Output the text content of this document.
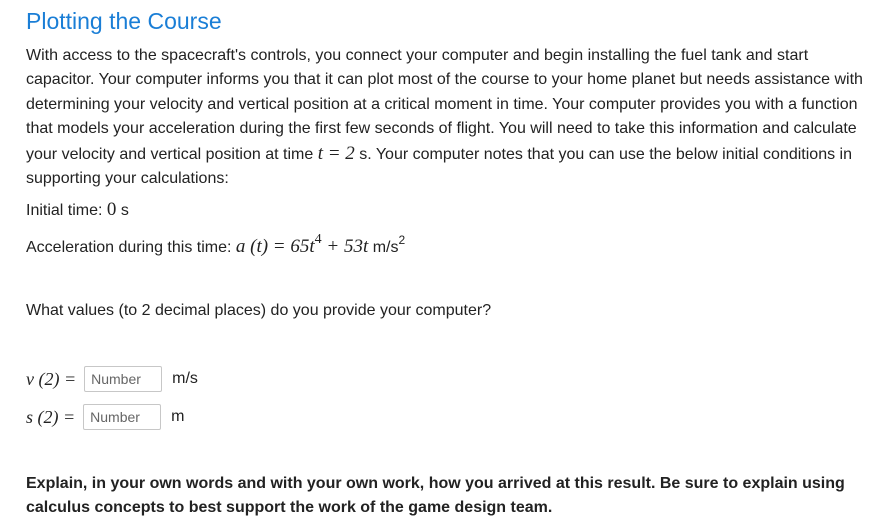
Plotting the Course
With access to the spacecraft's controls, you connect your computer and begin installing the fuel tank and start capacitor. Your computer informs you that it can plot most of the course to your home planet but needs assistance with determining your velocity and vertical position at a critical moment in time. Your computer provides you with a function that models your acceleration during the first few seconds of flight. You will need to take this information and calculate your velocity and vertical position at time t = 2 s. Your computer notes that you can use the below initial conditions in supporting your calculations:
Initial time: 0 s
Acceleration during this time: a (t) = 65t4 + 53t $m/s^2$
What values (to 2 decimal places) do you provide your computer?
v (2) =
Number	m/s
s (2) =
Number	m
Explain, in your own words and with your own work, how you arrived at this result. Be sure to explain using calculus concepts to best support the work of the game design team.
